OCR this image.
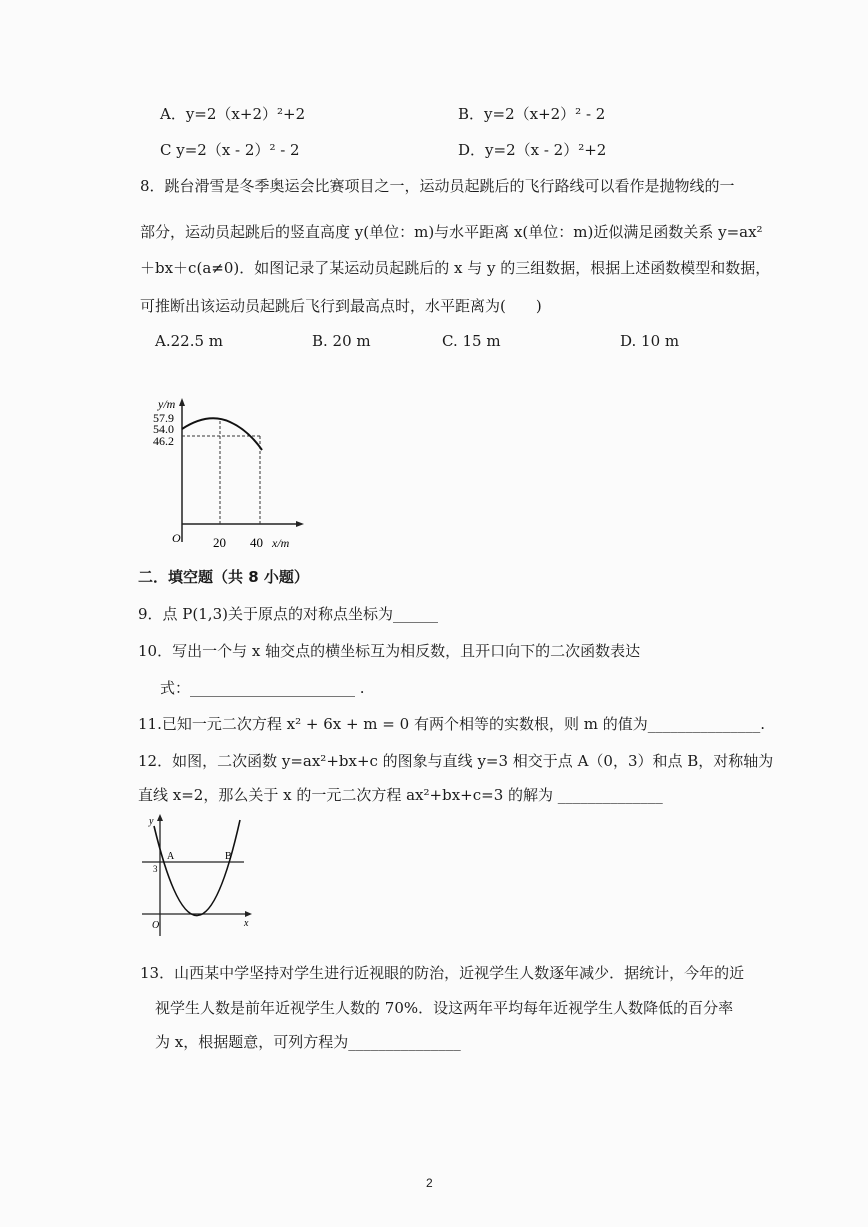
A．y=2（x+2）²+2	B．y=2（x+2）² - 2
C y=2（x - 2）² - 2	D．y=2（x - 2）²+2
8．跳台滑雪是冬季奥运会比赛项目之一，运动员起跳后的飞行路线可以看作是抛物线的一
部分，运动员起跳后的竖直高度 y(单位：m)与水平距离 x(单位：m)近似满足函数关系 y=ax²
＋bx＋c(a≠0)．如图记录了某运动员起跳后的 x 与 y 的三组数据，根据上述函数模型和数据，
可推断出该运动员起跳后飞行到最高点时，水平距离为(　　)
A.22.5 m	B. 20 m	C. 15 m	D. 10 m
y/m
57.9
54.0
46.2
O 20 40 x/m
二．填空题（共 8 小题）
9．点 P(1,3)关于原点的对称点坐标为______
10．写出一个与 x 轴交点的横坐标互为相反数，且开口向下的二次函数表达
式：______________________ .
11.已知一元二次方程 x² + 6x + m = 0 有两个相等的实数根，则 m 的值为_______________.
12．如图，二次函数 y=ax²+bx+c 的图象与直线 y=3 相交于点 A（0，3）和点 B，对称轴为
直线 x=2，那么关于 x 的一元二次方程 ax²+bx+c=3 的解为 ______________
y
x
O
3
A	B
13．山西某中学坚持对学生进行近视眼的防治，近视学生人数逐年减少．据统计，今年的近
视学生人数是前年近视学生人数的 70%．设这两年平均每年近视学生人数降低的百分率
为 x，根据题意，可列方程为_______________
2
